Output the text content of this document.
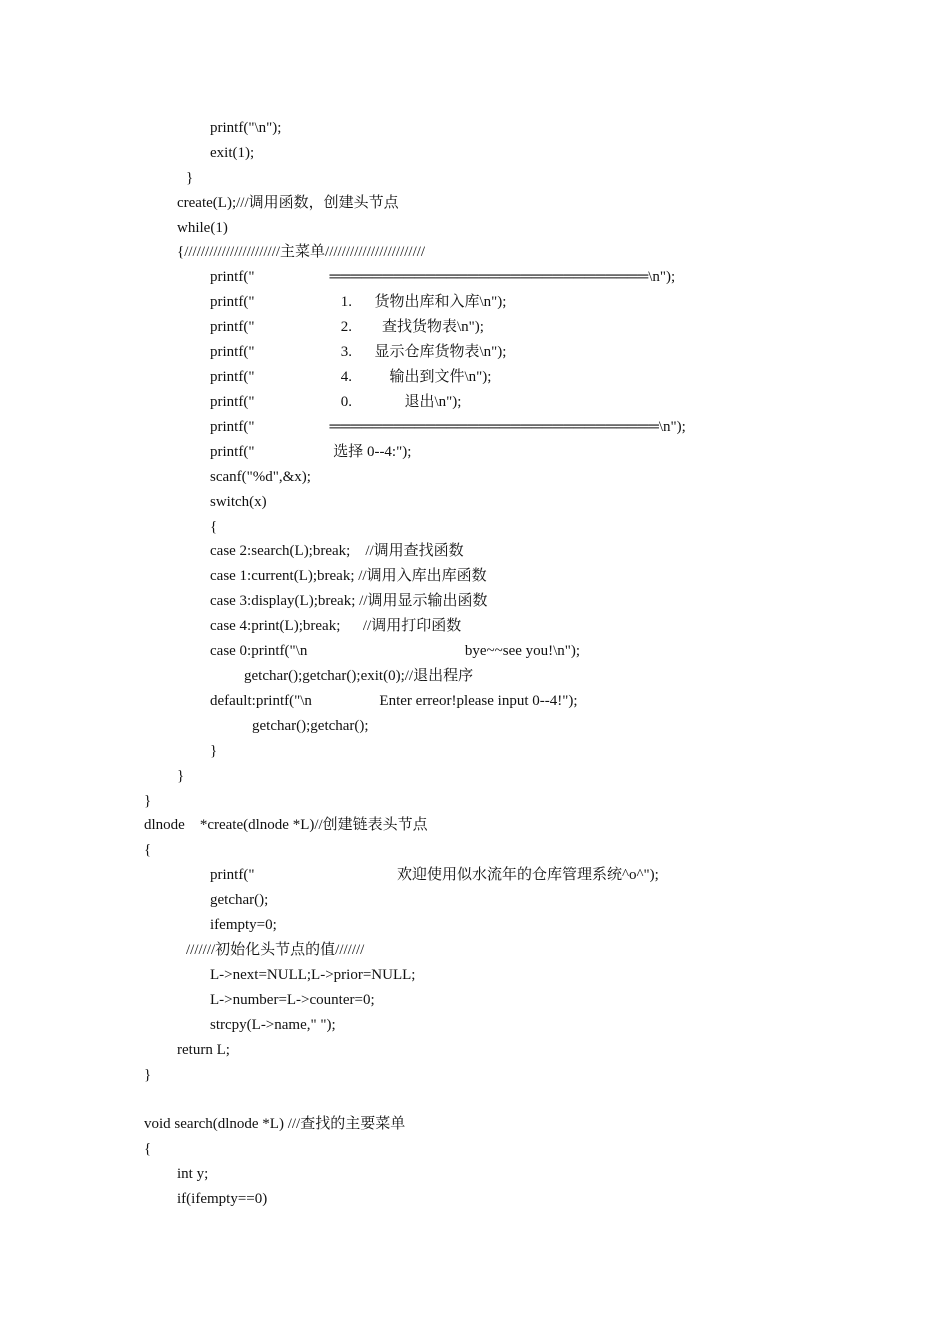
printf("\n");
exit(1);
}
create(L);///调用函数，创建头节点
while(1)
{///////////////////////主菜单////////////////////////
printf("                    ══════════════════════════════\n");
printf("                       1.      货物出库和入库\n");
printf("                       2.        查找货物表\n");
printf("                       3.      显示仓库货物表\n");
printf("                       4.          输出到文件\n");
printf("                       0.              退出\n");
printf("                    ═══════════════════════════════\n");
printf("                     选择 0--4:");
scanf("%d",&x);
switch(x)
{
case 2:search(L);break;    //调用查找函数
case 1:current(L);break; //调用入库出库函数
case 3:display(L);break; //调用显示输出函数
case 4:print(L);break;      //调用打印函数
case 0:printf("\n                                          bye~~see you!\n");
getchar();getchar();exit(0);//退出程序
default:printf("\n                  Enter erreor!please input 0--4!");
getchar();getchar();
}
}
}
dlnode    *create(dlnode *L)//创建链表头节点
{
printf("                                      欢迎使用似水流年的仓库管理系统^o^");
getchar();
ifempty=0;
///////初始化头节点的值///////
L->next=NULL;L->prior=NULL;
L->number=L->counter=0;
strcpy(L->name," ");
return L;
}
void search(dlnode *L) ///查找的主要菜单
{
int y;
if(ifempty==0)
